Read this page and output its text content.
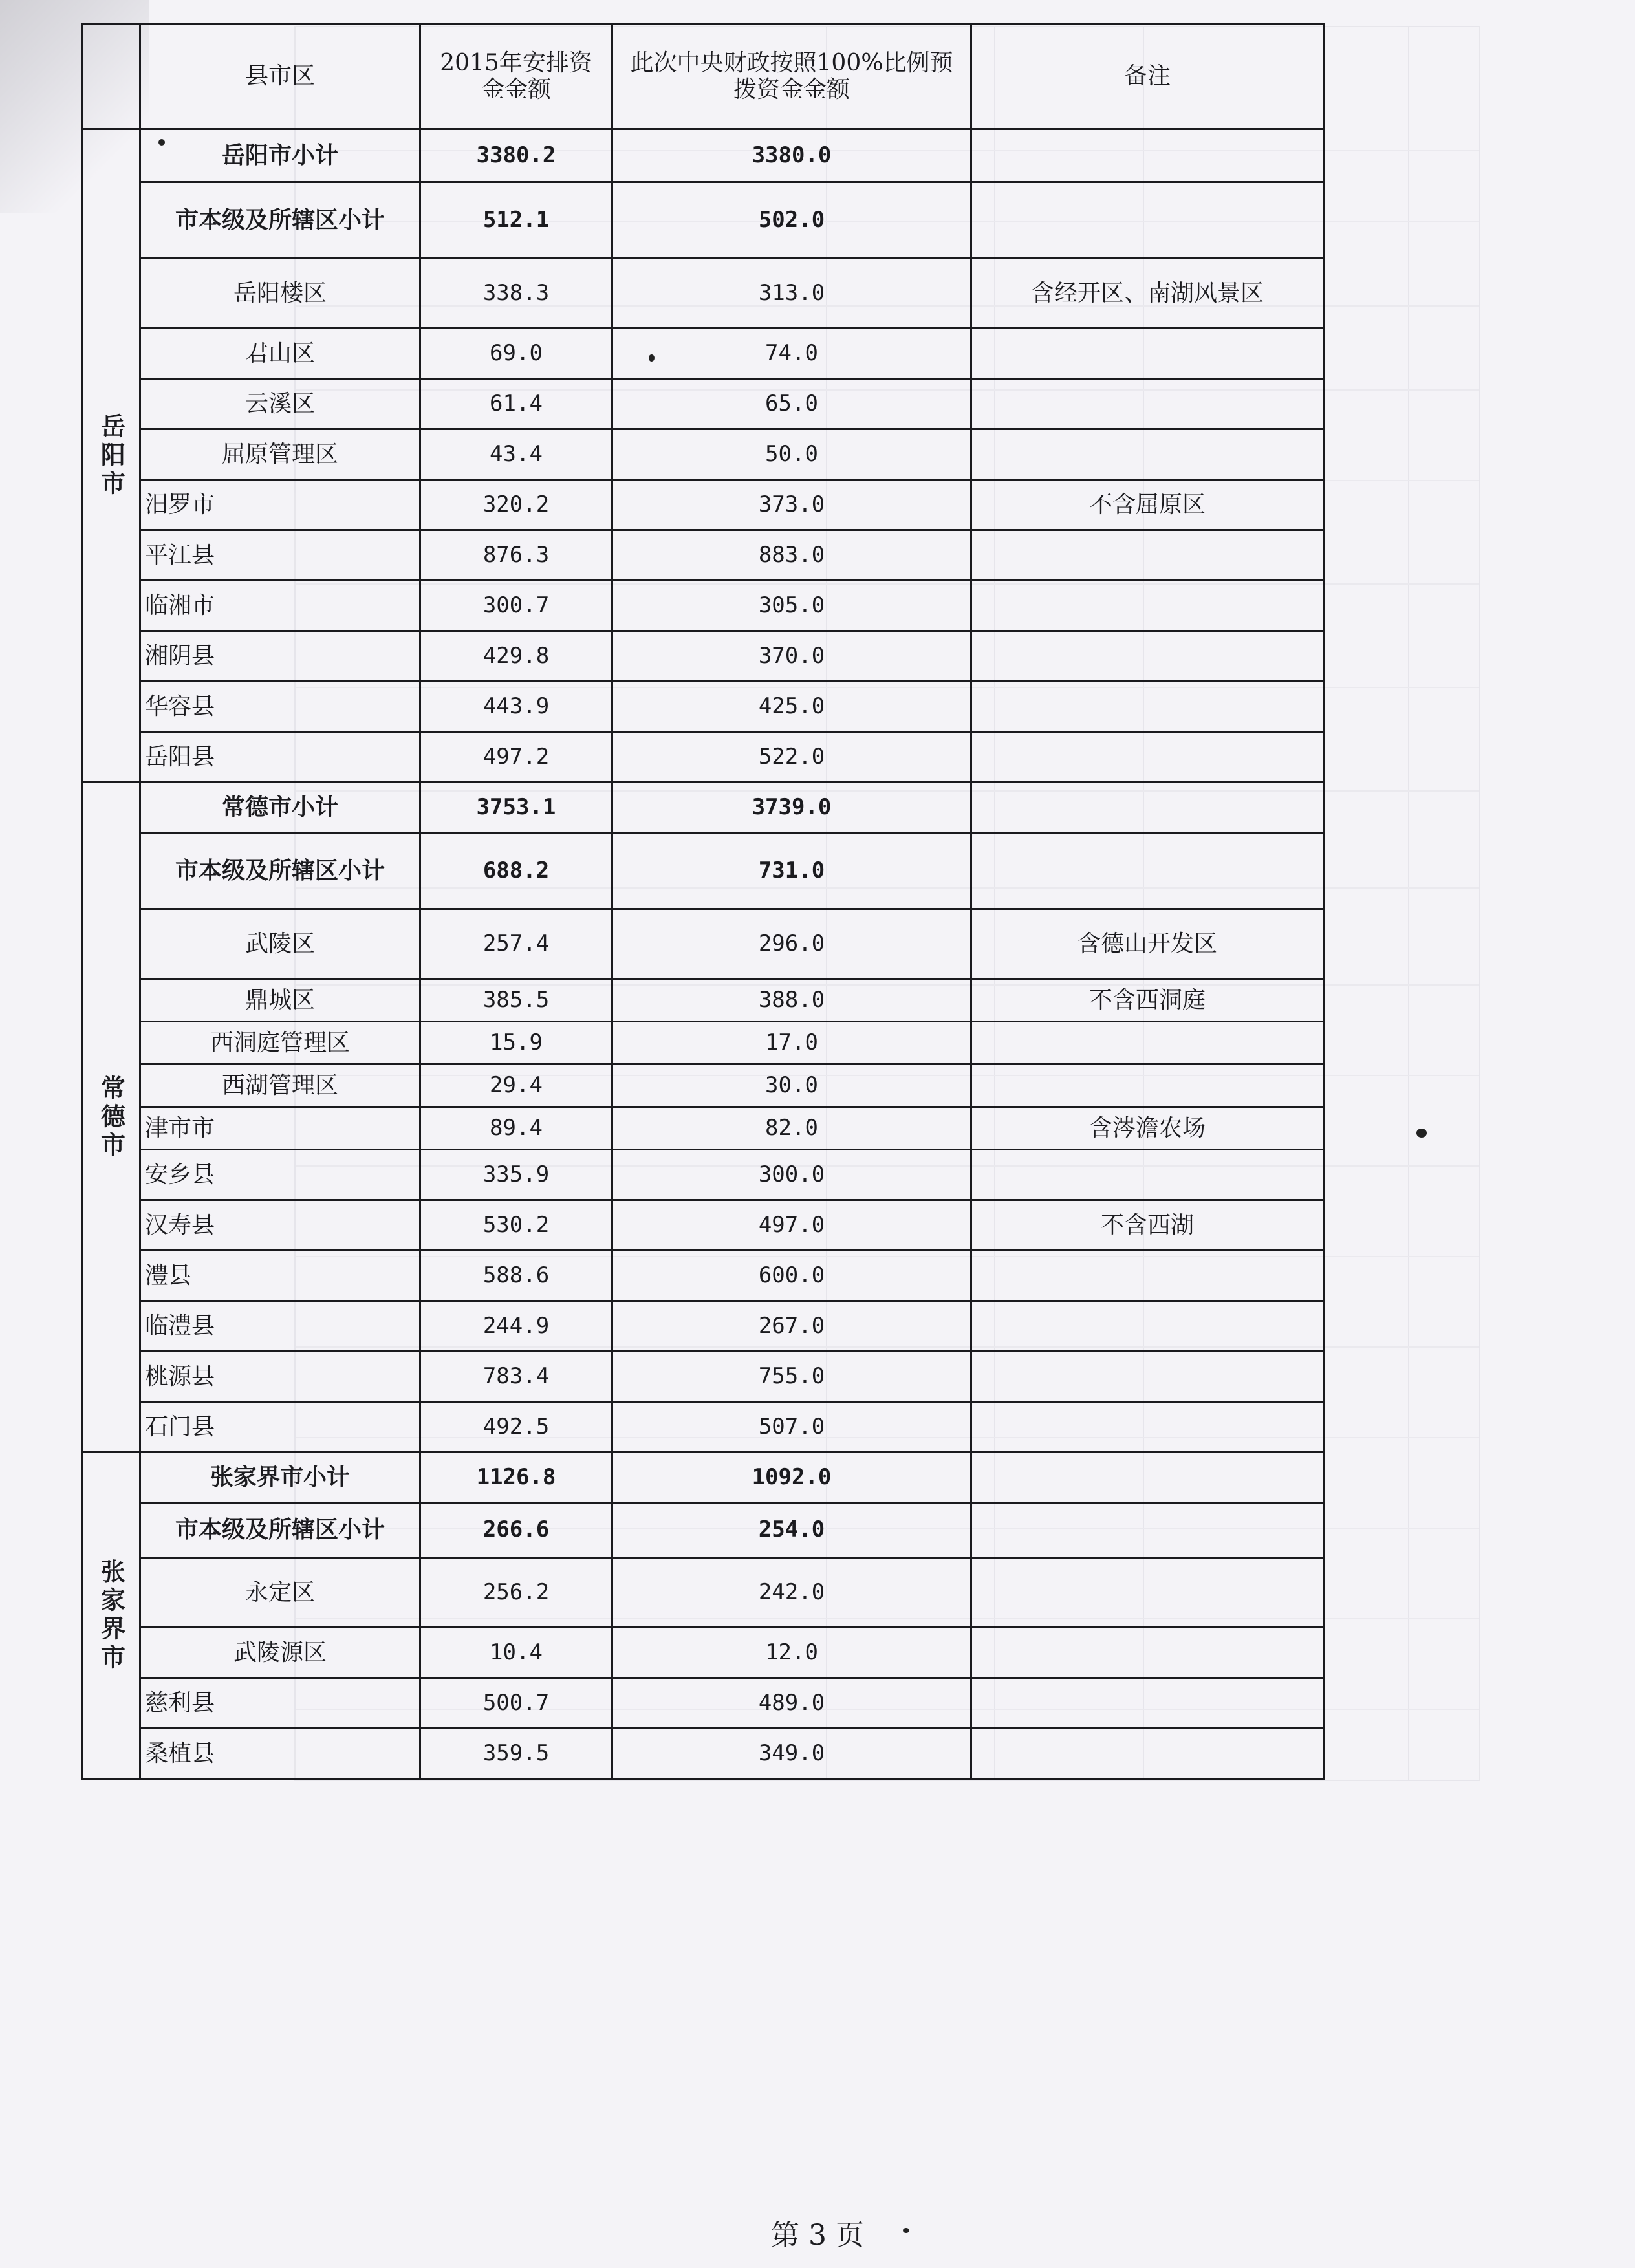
	县市区	2015年安排资金金额	此次中央财政按照100%比例预拨资金金额	备注
岳阳市	岳阳市小计	3380.2	3380.0	
	市本级及所辖区小计	512.1	502.0	
	岳阳楼区	338.3	313.0	含经开区、南湖风景区
	君山区	69.0	74.0	
	云溪区	61.4	65.0	
	屈原管理区	43.4	50.0	
	汨罗市	320.2	373.0	不含屈原区
	平江县	876.3	883.0	
	临湘市	300.7	305.0	
	湘阴县	429.8	370.0	
	华容县	443.9	425.0	
	岳阳县	497.2	522.0	
常德市	常德市小计	3753.1	3739.0	
	市本级及所辖区小计	688.2	731.0	
	武陵区	257.4	296.0	含德山开发区
	鼎城区	385.5	388.0	不含西洞庭
	西洞庭管理区	15.9	17.0	
	西湖管理区	29.4	30.0	
	津市市	89.4	82.0	含涔澹农场
	安乡县	335.9	300.0	
	汉寿县	530.2	497.0	不含西湖
	澧县	588.6	600.0	
	临澧县	244.9	267.0	
	桃源县	783.4	755.0	
	石门县	492.5	507.0	
张家界市	张家界市小计	1126.8	1092.0	
	市本级及所辖区小计	266.6	254.0	
	永定区	256.2	242.0	
	武陵源区	10.4	12.0	
	慈利县	500.7	489.0	
	桑植县	359.5	349.0	
第 3 页
